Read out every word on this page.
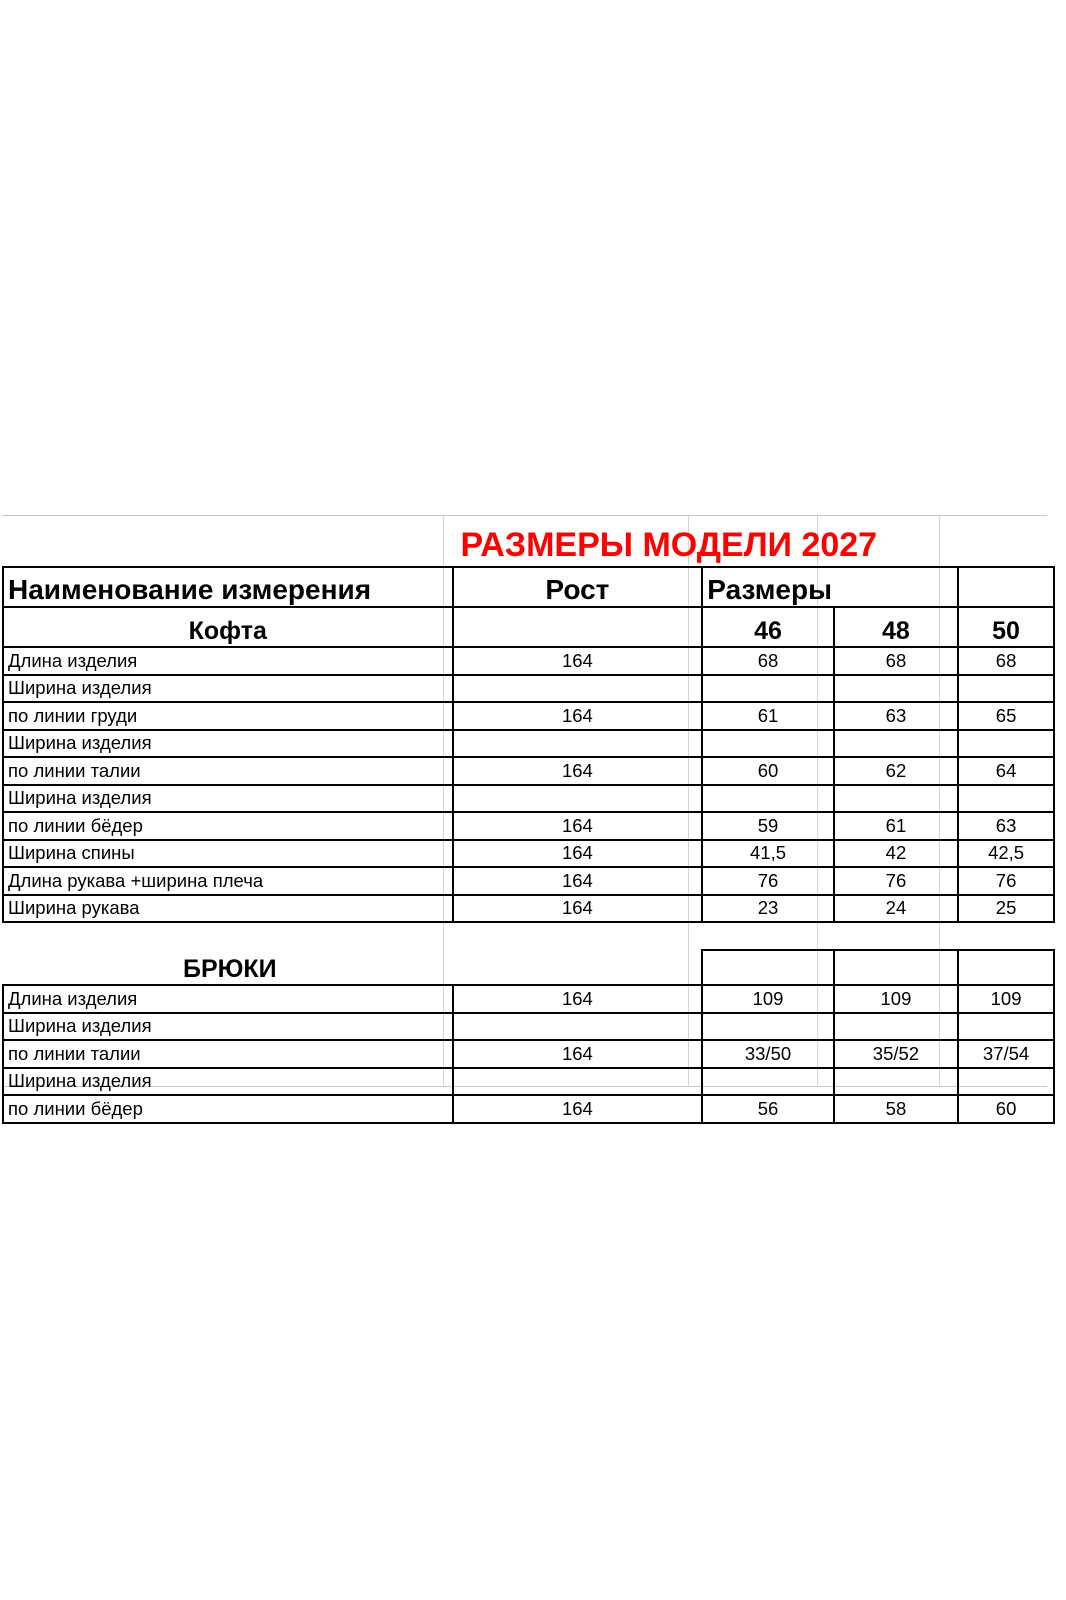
	РАЗМЕРЫ МОДЕЛИ 2027			
Наименование измерения	Рост	Размеры		
Кофта		46	48	50
Длина изделия	164	68	68	68
Ширина изделия				
по линии груди	164	61	63	65
Ширина изделия				
по линии талии	164	60	62	64
Ширина изделия				
по линии бёдер	164	59	61	63
Ширина спины	164	41,5	42	42,5
Длина рукава +ширина плеча	164	76	76	76
Ширина рукава	164	23	24	25

БРЮКИ				
Длина изделия	164	109	109	109
Ширина изделия				
по линии талии	164	33/50	35/52	37/54
Ширина изделия				
по линии бёдер	164	56	58	60
